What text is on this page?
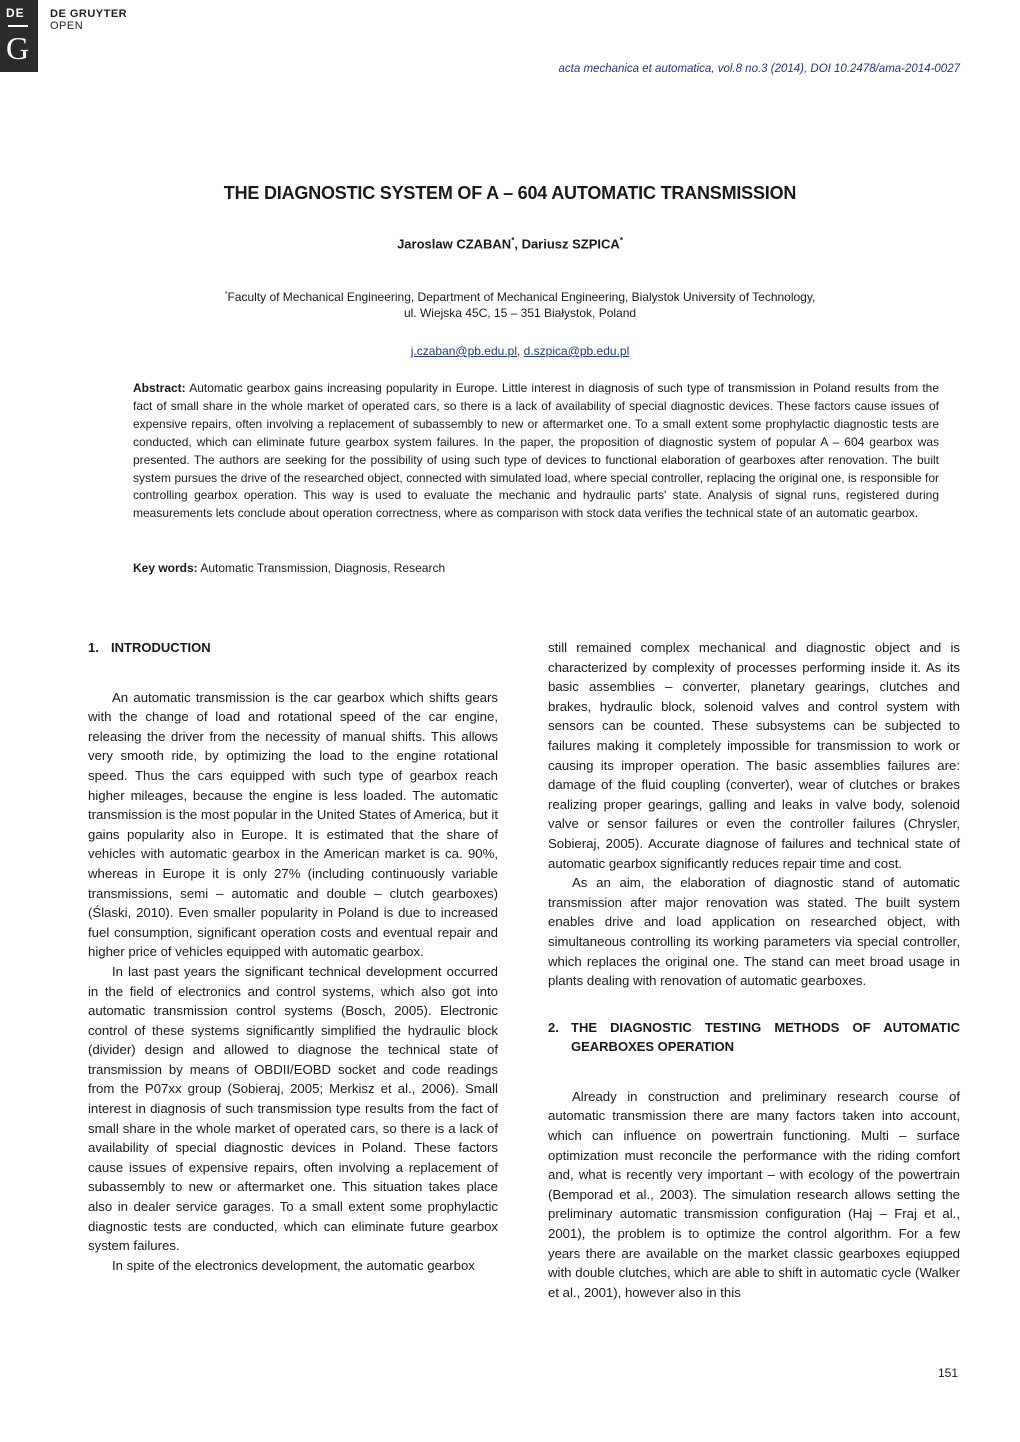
DE
G
DE GRUYTER
OPEN
acta mechanica et automatica, vol.8 no.3 (2014), DOI 10.2478/ama-2014-0027
THE DIAGNOSTIC SYSTEM OF A – 604 AUTOMATIC TRANSMISSION
Jaroslaw CZABAN*, Dariusz SZPICA*
*Faculty of Mechanical Engineering, Department of Mechanical Engineering, Bialystok University of Technology,
ul. Wiejska 45C, 15 – 351 Białystok, Poland
j.czaban@pb.edu.pl, d.szpica@pb.edu.pl
Abstract: Automatic gearbox gains increasing popularity in Europe. Little interest in diagnosis of such type of transmission in Poland results from the fact of small share in the whole market of operated cars, so there is a lack of availability of special diagnostic devices. These factors cause issues of expensive repairs, often involving a replacement of subassembly to new or aftermarket one. To a small extent some prophylactic diagnostic tests are conducted, which can eliminate future gearbox system failures. In the paper, the proposition of diagnostic system of popular A – 604 gearbox was presented. The authors are seeking for the possibility of using such type of devices to functional elaboration of gearboxes after renovation. The built system pursues the drive of the researched object, connected with simulated load, where special controller, replacing the original one, is responsible for controlling gearbox operation. This way is used to evaluate the mechanic and hydraulic parts' state. Analysis of signal runs, registered during measurements lets conclude about operation correctness, where as comparison with stock data verifies the technical state of an automatic gearbox.
Key words: Automatic Transmission, Diagnosis, Research
1. INTRODUCTION

An automatic transmission is the car gearbox which shifts gears with the change of load and rotational speed of the car engine, releasing the driver from the necessity of manual shifts. This allows very smooth ride, by optimizing the load to the engine rotational speed. Thus the cars equipped with such type of gearbox reach higher mileages, because the engine is less loaded. The automatic transmission is the most popular in the United States of America, but it gains popularity also in Europe. It is estimated that the share of vehicles with automatic gearbox in the American market is ca. 90%, whereas in Europe it is only 27% (including continuously variable transmissions, semi – automatic and double – clutch gearboxes) (Ślaski, 2010). Even smaller popularity in Poland is due to increased fuel consumption, significant operation costs and eventual repair and higher price of vehicles equipped with automatic gearbox.

In last past years the significant technical development occurred in the field of electronics and control systems, which also got into automatic transmission control systems (Bosch, 2005). Electronic control of these systems significantly simplified the hydraulic block (divider) design and allowed to diagnose the technical state of transmission by means of OBDII/EOBD socket and code readings from the P07xx group (Sobieraj, 2005; Merkisz et al., 2006). Small interest in diagnosis of such transmission type results from the fact of small share in the whole market of operated cars, so there is a lack of availability of special diagnostic devices in Poland. These factors cause issues of expensive repairs, often involving a replacement of subassembly to new or aftermarket one. This situation takes place also in dealer service garages. To a small extent some prophylactic diagnostic tests are conducted, which can eliminate future gearbox system failures.

In spite of the electronics development, the automatic gearbox

still remained complex mechanical and diagnostic object and is characterized by complexity of processes performing inside it. As its basic assemblies – converter, planetary gearings, clutches and brakes, hydraulic block, solenoid valves and control system with sensors can be counted. These subsystems can be subjected to failures making it completely impossible for transmission to work or causing its improper operation. The basic assemblies failures are: damage of the fluid coupling (converter), wear of clutches or brakes realizing proper gearings, galling and leaks in valve body, solenoid valve or sensor failures or even the controller failures (Chrysler, Sobieraj, 2005). Accurate diagnose of failures and technical state of automatic gearbox significantly reduces repair time and cost.

As an aim, the elaboration of diagnostic stand of automatic transmission after major renovation was stated. The built system enables drive and load application on researched object, with simultaneous controlling its working parameters via special controller, which replaces the original one. The stand can meet broad usage in plants dealing with renovation of automatic gearboxes.

2. THE DIAGNOSTIC TESTING METHODS OF AUTOMATIC GEARBOXES OPERATION

Already in construction and preliminary research course of automatic transmission there are many factors taken into account, which can influence on powertrain functioning. Multi – surface optimization must reconcile the performance with the riding comfort and, what is recently very important – with ecology of the powertrain (Bemporad et al., 2003). The simulation research allows setting the preliminary automatic transmission configuration (Haj – Fraj et al., 2001), the problem is to optimize the control algorithm. For a few years there are available on the market classic gearboxes eqiupped with double clutches, which are able to shift in automatic cycle (Walker et al., 2001), however also in this

151
